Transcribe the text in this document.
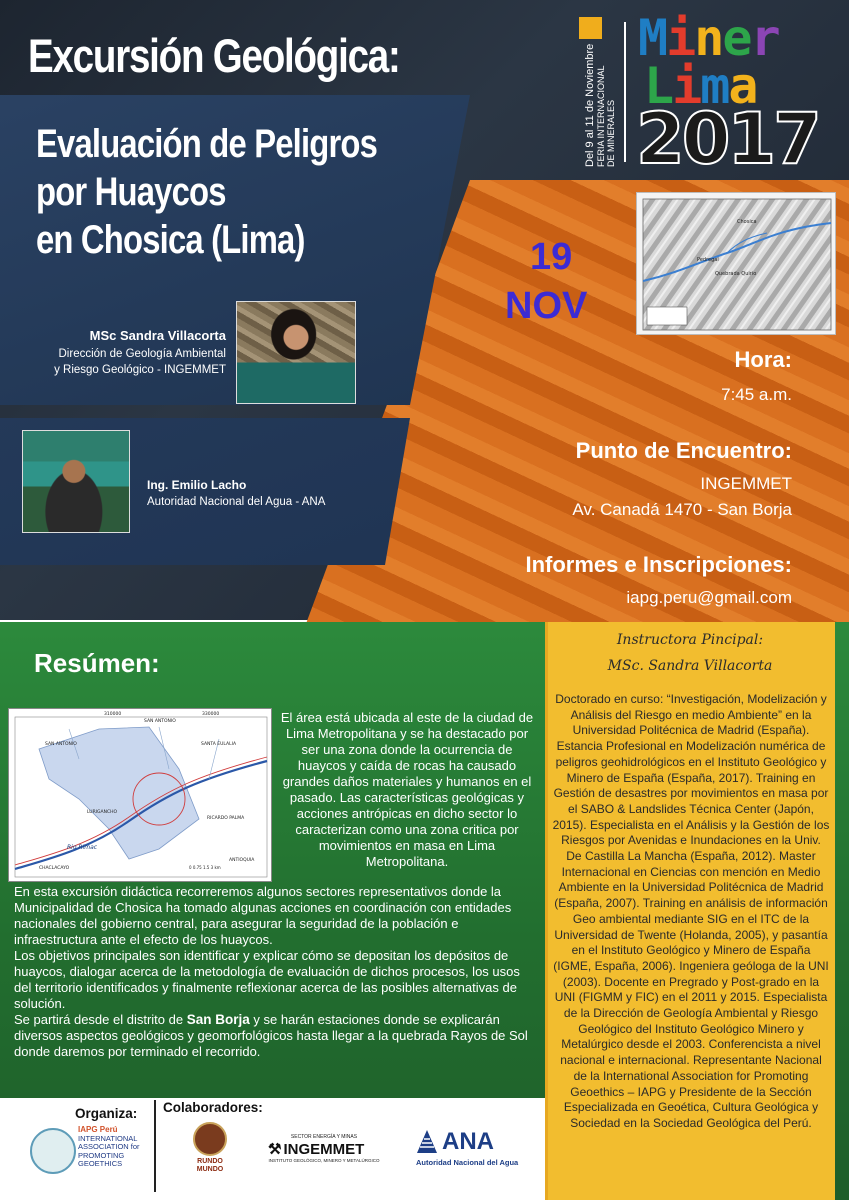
Excursión Geológica:
Evaluación de Peligros
por Huaycos
en Chosica (Lima)
MSc Sandra Villacorta
Dirección de Geología Ambiental
y Riesgo Geológico - INGEMMET
Ing. Emilio Lacho
Autoridad Nacional del Agua - ANA
Del 9 al 11 de Noviembre FERIA INTERNACIONAL DE MINERALES
Miner
Lima
2017
19
NOV
Pedregal
Quebrada Quirio
Chosica
Hora:
7:45 a.m.
Punto de Encuentro:
INGEMMET
Av. Canadá 1470 - San Borja
Informes e Inscripciones:
iapg.peru@gmail.com
Resúmen:
310000	330000
SAN ANTONIO
SAN ANTONIO	SANTA EULALIA
LURIGANCHO
RICARDO PALMA
CHACLACAYO
ANTIOQUIA
Rio Rimac
0 0.75 1.5 3 km
El área está ubicada al este de la ciudad de Lima Metropolitana y se ha destacado por ser una zona donde la ocurrencia de huaycos y caída de rocas ha causado grandes daños materiales y humanos en el pasado. Las características geológicas y acciones antrópicas en dicho sector lo caracterizan como una zona critica por movimientos en masa en Lima Metropolitana.

En esta excursión didáctica recorreremos algunos sectores representativos donde la Municipalidad de Chosica ha tomado algunas acciones en coordinación con entidades nacionales del gobierno central, para asegurar la seguridad de la población e infraestructura ante el efecto de los huaycos.

Los objetivos principales son identificar y explicar cómo se depositan los depósitos de huaycos, dialogar acerca de la metodología de evaluación de dichos procesos, los usos del territorio identificados y finalmente reflexionar acerca de las posibles alternativas de solución.

Se partirá desde el distrito de San Borja y se harán estaciones donde se explicarán diversos aspectos geológicos y geomorfológicos hasta llegar a la quebrada Rayos de Sol donde daremos por terminado el recorrido.

Instructora Pincipal:
MSc. Sandra Villacorta
Doctorado en curso: “Investigación, Modelización y Análisis del Riesgo en medio Ambiente” en la Universidad Politécnica de Madrid (España). Estancia Profesional en Modelización numérica de peligros geohidrológicos en el Instituto Geológico y Minero de España (España, 2017). Training en Gestión de desastres por movimientos en masa por el SABO & Landslides Técnica Center (Japón, 2015). Especialista en el Análisis y la Gestión de los Riesgos por Avenidas e Inundaciones en la Univ. De Castilla La Mancha (España, 2012). Master Internacional en Ciencias con mención en Medio Ambiente en la Universidad Politécnica de Madrid (España, 2007). Training en análisis de información Geo ambiental mediante SIG en el ITC de la Universidad de Twente (Holanda, 2005), y pasantía en el Instituto Geológico y Minero de España (IGME, España, 2006). Ingeniera geóloga de la UNI (2003). Docente en Pregrado y Post-grado en la UNI (FIGMM y FIC) en el 2011 y 2015. Especialista de la Dirección de Geología Ambiental y Riesgo Geológico del Instituto Geológico Minero y Metalúrgico desde el 2003. Conferencista a nivel nacional e internacional. Representante Nacional de la International Association for Promoting Geoethics – IAPG y Presidente de la Sección Especializada en Geoética, Cultura Geológica y Sociedad en la Sociedad Geológica del Perú.
Organiza: Colaboradores:
IAPG Perú
INTERNATIONAL
ASSOCIATION for
PROMOTING
GEOETHICS	RUNDO
MUNDO
SECTOR ENERGÍA Y MINAS
⚒ INGEMMET
INSTITUTO GEOLÓGICO, MINERO Y METALÚRGICO
ANA
Autoridad Nacional del Agua
